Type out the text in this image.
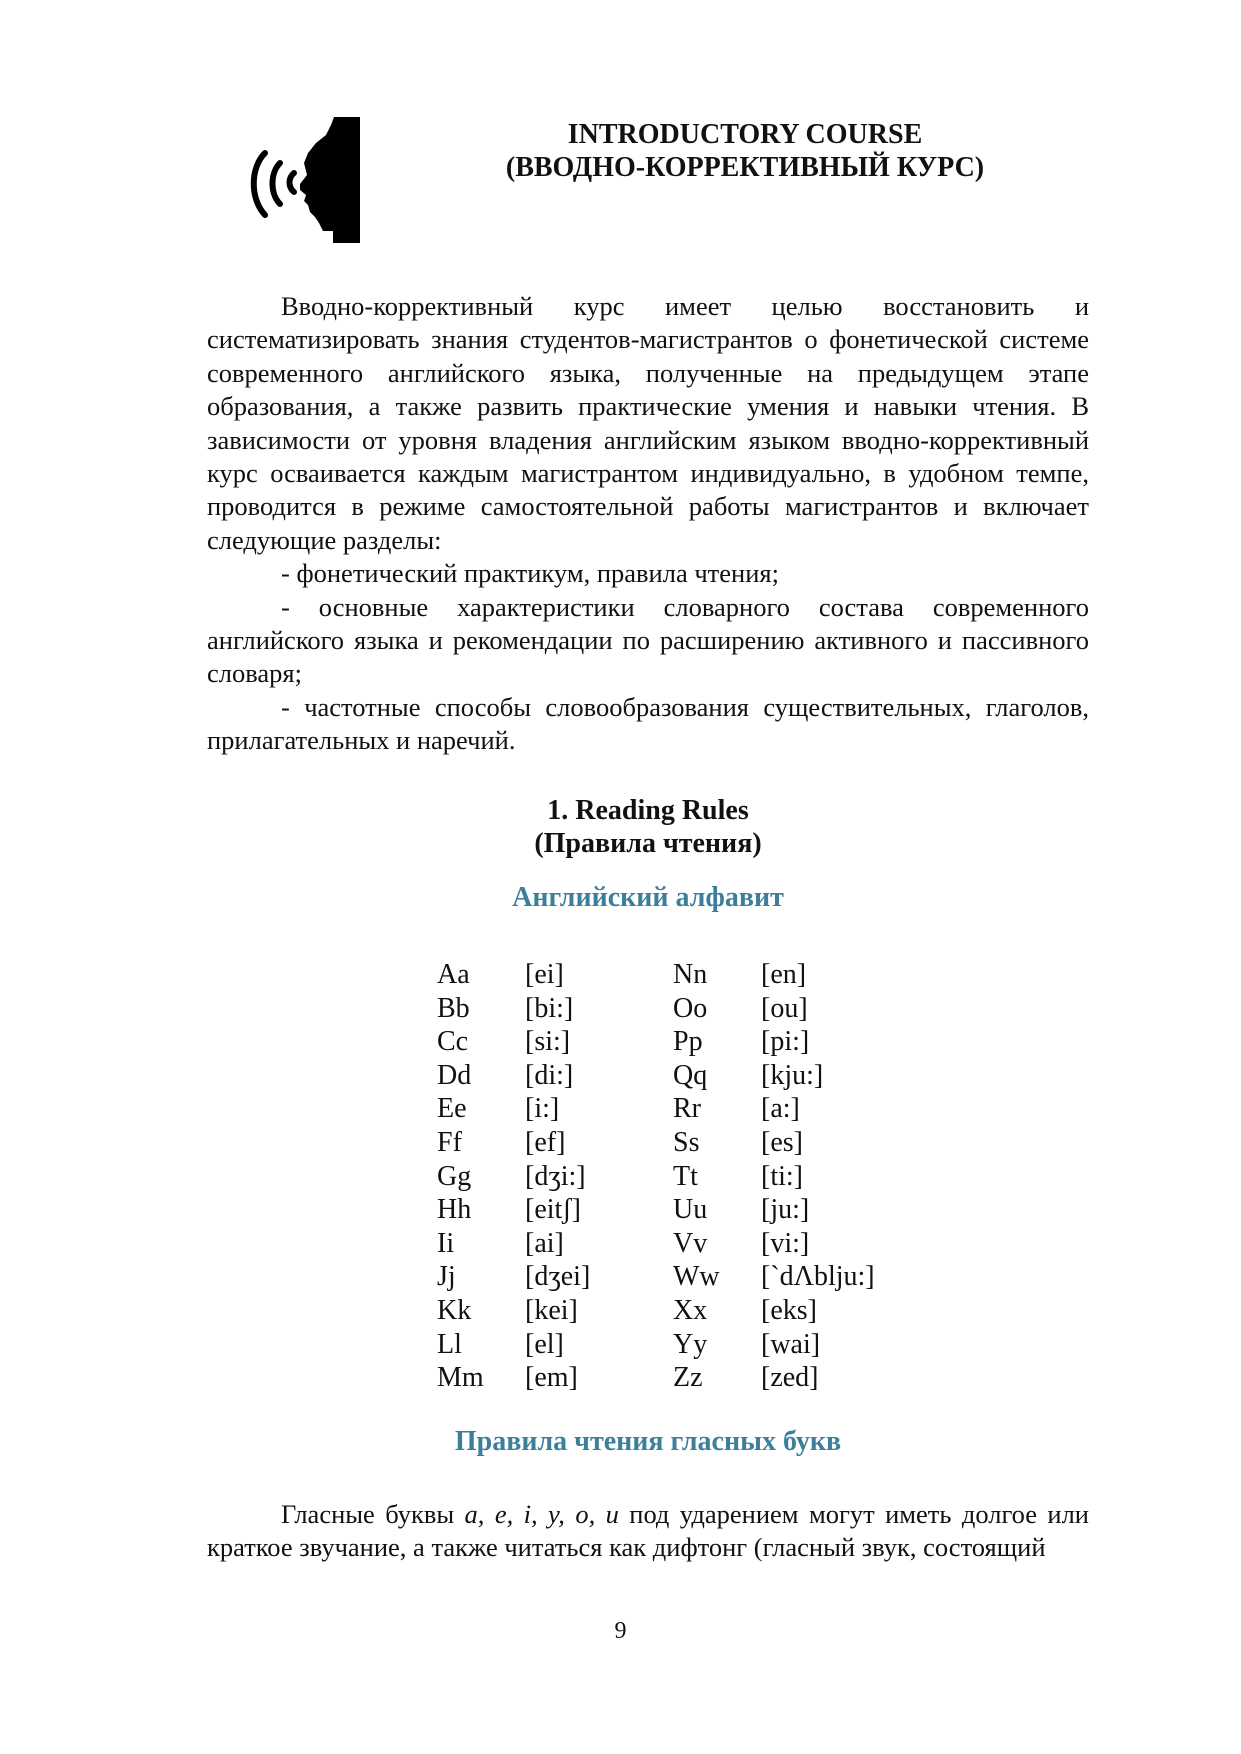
INTRODUCTORY COURSE
(ВВОДНО-КОРРЕКТИВНЫЙ КУРС)

Вводно-коррективный курс имеет целью восстановить и систематизировать знания студентов-магистрантов о фонетической системе современного английского языка, полученные на предыдущем этапе образования, а также развить практические умения и навыки чтения. В зависимости от уровня владения английским языком вводно-коррективный курс осваивается каждым магистрантом индивидуально, в удобном темпе, проводится в режиме самостоятельной работы магистрантов и включает следующие разделы:

- фонетический практикум, правила чтения;

- основные характеристики словарного состава современного английского языка и рекомендации по расширению активного и пассивного словаря;

- частотные способы словообразования существительных, глаголов, прилагательных и наречий.

1. Reading Rules
(Правила чтения)
Английский алфавит
Aa [ei]	Nn [en]
Bb [bi:]	Oo [ou]
Cc [si:]	Pp [pi:]
Dd [di:]	Qq [kju:]
Ee [i:]	Rr [a:]
Ff [ef]	Ss [es]
Gg [dʒi:]	Tt [ti:]
Hh [eitʃ]	Uu [ju:]
Ii	[ai]	Vv [vi:]
Jj [dʒei]	Ww [`dΛblju:]
Kk [kei]	Xx [eks]
Ll [el]	Yy [wai]
Mm [em]	Zz [zed]
Правила чтения гласных букв

Гласные буквы a, e, i, y, o, u под ударением могут иметь долгое или краткое звучание, а также читаться как дифтонг (гласный звук, состоящий

9
